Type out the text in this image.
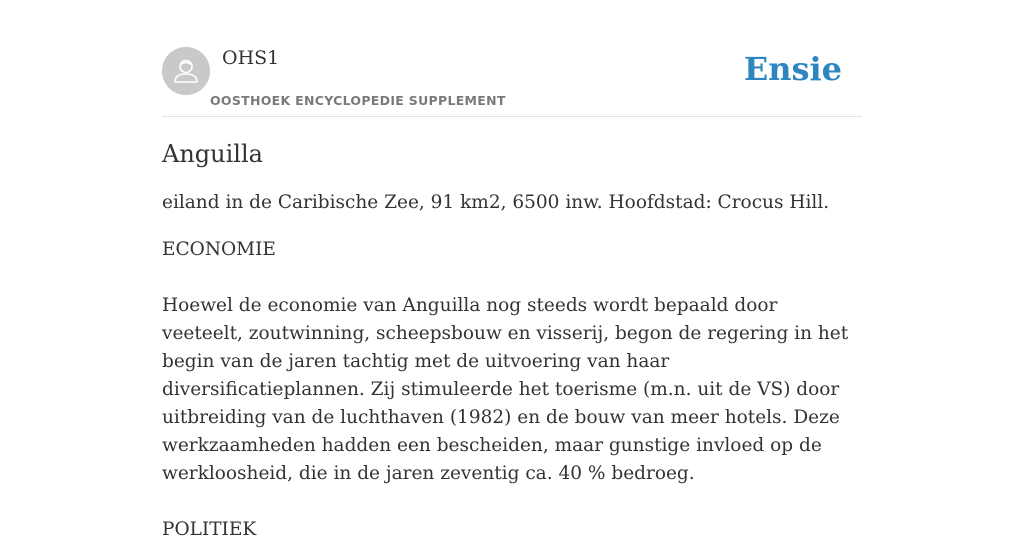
OHS1
OOSTHOEK ENCYCLOPEDIE SUPPLEMENT
Ensie
Anguilla

eiland in de Caribische Zee, 91 km2, 6500 inw. Hoofdstad: Crocus Hill.

ECONOMIE

Hoewel de economie van Anguilla nog steeds wordt bepaald door veeteelt, zoutwinning, scheepsbouw en visserij, begon de regering in het begin van de jaren tachtig met de uitvoering van haar diversificatieplannen. Zij stimuleerde het toerisme (m.n. uit de VS) door uitbreiding van de luchthaven (1982) en de bouw van meer hotels. Deze werkzaamheden hadden een bescheiden, maar gunstige invloed op de werkloosheid, die in de jaren zeventig ca. 40 % bedroeg.

POLITIEK
